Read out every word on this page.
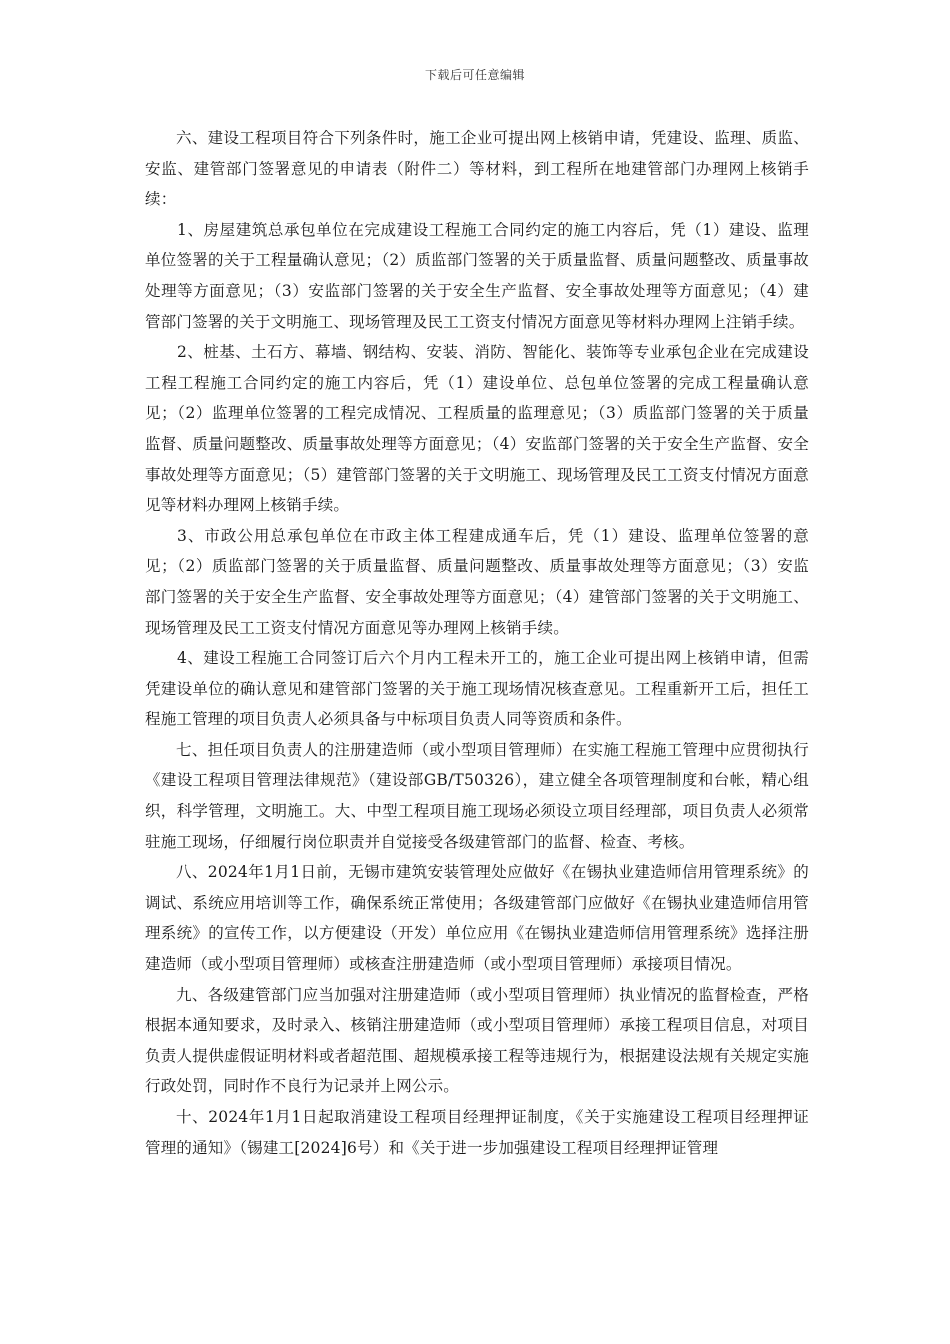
下载后可任意编辑

六、建设工程项目符合下列条件时，施工企业可提出网上核销申请，凭建设、监理、质监、安监、建管部门签署意见的申请表（附件二）等材料，到工程所在地建管部门办理网上核销手续：

1、房屋建筑总承包单位在完成建设工程施工合同约定的施工内容后，凭（1）建设、监理单位签署的关于工程量确认意见；（2）质监部门签署的关于质量监督、质量问题整改、质量事故处理等方面意见；（3）安监部门签署的关于安全生产监督、安全事故处理等方面意见；（4）建管部门签署的关于文明施工、现场管理及民工工资支付情况方面意见等材料办理网上注销手续。

2、桩基、土石方、幕墙、钢结构、安装、消防、智能化、装饰等专业承包企业在完成建设工程工程施工合同约定的施工内容后，凭（1）建设单位、总包单位签署的完成工程量确认意见；（2）监理单位签署的工程完成情况、工程质量的监理意见；（3）质监部门签署的关于质量监督、质量问题整改、质量事故处理等方面意见；（4）安监部门签署的关于安全生产监督、安全事故处理等方面意见；（5）建管部门签署的关于文明施工、现场管理及民工工资支付情况方面意见等材料办理网上核销手续。

3、市政公用总承包单位在市政主体工程建成通车后，凭（1）建设、监理单位签署的意见；（2）质监部门签署的关于质量监督、质量问题整改、质量事故处理等方面意见；（3）安监部门签署的关于安全生产监督、安全事故处理等方面意见；（4）建管部门签署的关于文明施工、现场管理及民工工资支付情况方面意见等办理网上核销手续。

4、建设工程施工合同签订后六个月内工程未开工的，施工企业可提出网上核销申请，但需凭建设单位的确认意见和建管部门签署的关于施工现场情况核查意见。工程重新开工后，担任工程施工管理的项目负责人必须具备与中标项目负责人同等资质和条件。

七、担任项目负责人的注册建造师（或小型项目管理师）在实施工程施工管理中应贯彻执行《建设工程项目管理法律规范》（建设部GB/T50326），建立健全各项管理制度和台帐，精心组织，科学管理，文明施工。大、中型工程项目施工现场必须设立项目经理部，项目负责人必须常驻施工现场，仔细履行岗位职责并自觉接受各级建管部门的监督、检查、考核。

八、2024年1月1日前，无锡市建筑安装管理处应做好《在锡执业建造师信用管理系统》的调试、系统应用培训等工作，确保系统正常使用；各级建管部门应做好《在锡执业建造师信用管理系统》的宣传工作，以方便建设（开发）单位应用《在锡执业建造师信用管理系统》选择注册建造师（或小型项目管理师）或核查注册建造师（或小型项目管理师）承接项目情况。

九、各级建管部门应当加强对注册建造师（或小型项目管理师）执业情况的监督检查，严格根据本通知要求，及时录入、核销注册建造师（或小型项目管理师）承接工程项目信息，对项目负责人提供虚假证明材料或者超范围、超规模承接工程等违规行为，根据建设法规有关规定实施行政处罚，同时作不良行为记录并上网公示。

十、2024年1月1日起取消建设工程项目经理押证制度，《关于实施建设工程项目经理押证管理的通知》（锡建工[2024]6号）和《关于进一步加强建设工程项目经理押证管理
